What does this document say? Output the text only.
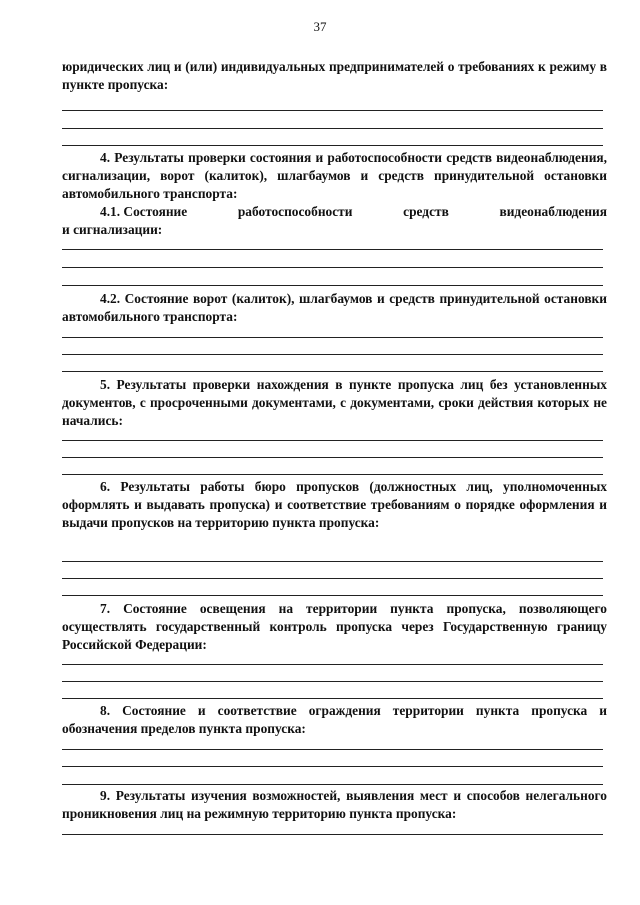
37

юридических лиц и (или) индивидуальных предпринимателей о требованиях к режиму в пункте пропуска:

4. Результаты проверки состояния и работоспособности средств видеонаблюдения, сигнализации, ворот (калиток), шлагбаумов и средств принудительной остановки автомобильного транспорта:

4.1. Состояние	работоспособности	средств	видеонаблюдения

и сигнализации:

4.2. Состояние ворот (калиток), шлагбаумов и средств принудительной остановки автомобильного транспорта:

5. Результаты проверки нахождения в пункте пропуска лиц без установленных документов, с просроченными документами, с документами, сроки действия которых не начались:

6. Результаты работы бюро пропусков (должностных лиц, уполномоченных оформлять и выдавать пропуска) и соответствие требованиям о порядке оформления и выдачи пропусков на территорию пункта пропуска:

7. Состояние освещения на территории пункта пропуска, позволяющего осуществлять государственный контроль пропуска через Государственную границу Российской Федерации:

8. Состояние и соответствие ограждения территории пункта пропуска и обозначения пределов пункта пропуска:

9. Результаты изучения возможностей, выявления мест и способов нелегального проникновения лиц на режимную территорию пункта пропуска:
